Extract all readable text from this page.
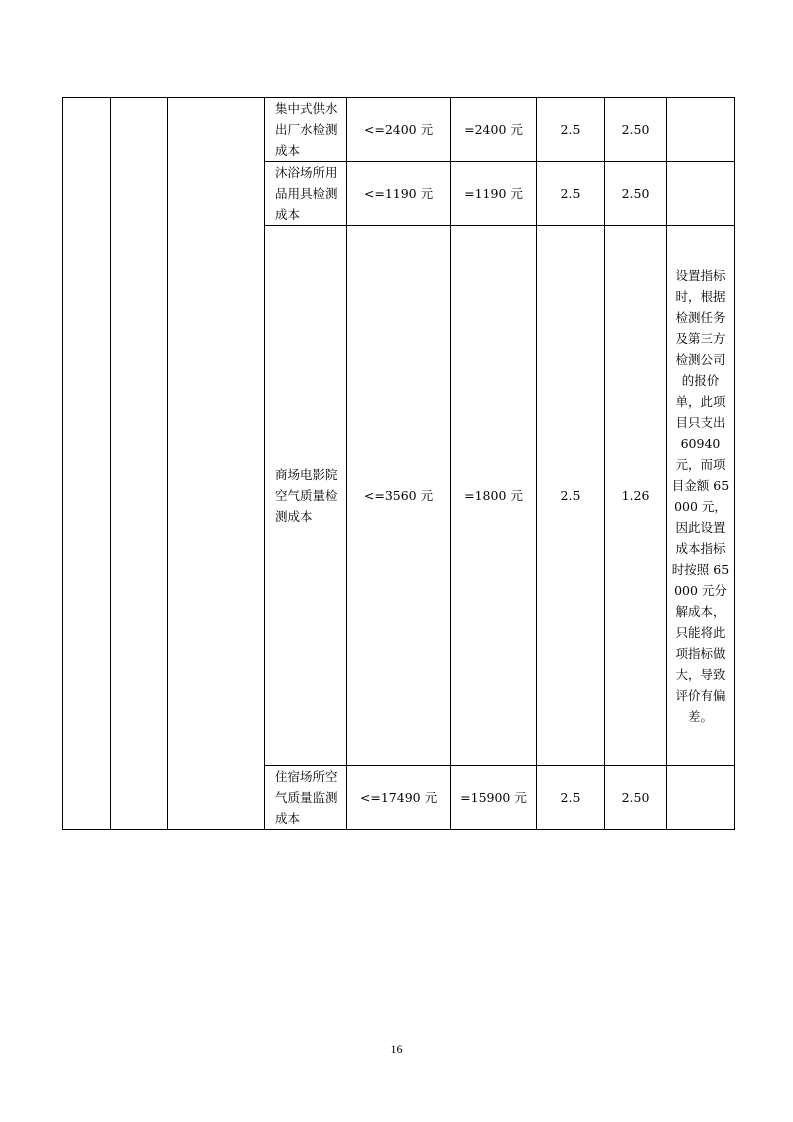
			集中式供水出厂水检测成本	<=2400 元	=2400 元	2.5	2.50	
			沐浴场所用品用具检测成本	<=1190 元	=1190 元	2.5	2.50	
			商场电影院空气质量检测成本	<=3560 元	=1800 元	2.5	1.26	设置指标时，根据检测任务及第三方检测公司的报价单，此项目只支出 60940 元，而项目金额 65000 元，因此设置成本指标时按照 65000 元分解成本，只能将此项指标做大，导致评价有偏差。
			住宿场所空气质量监测成本	<=17490 元	=15900 元	2.5	2.50	
16
